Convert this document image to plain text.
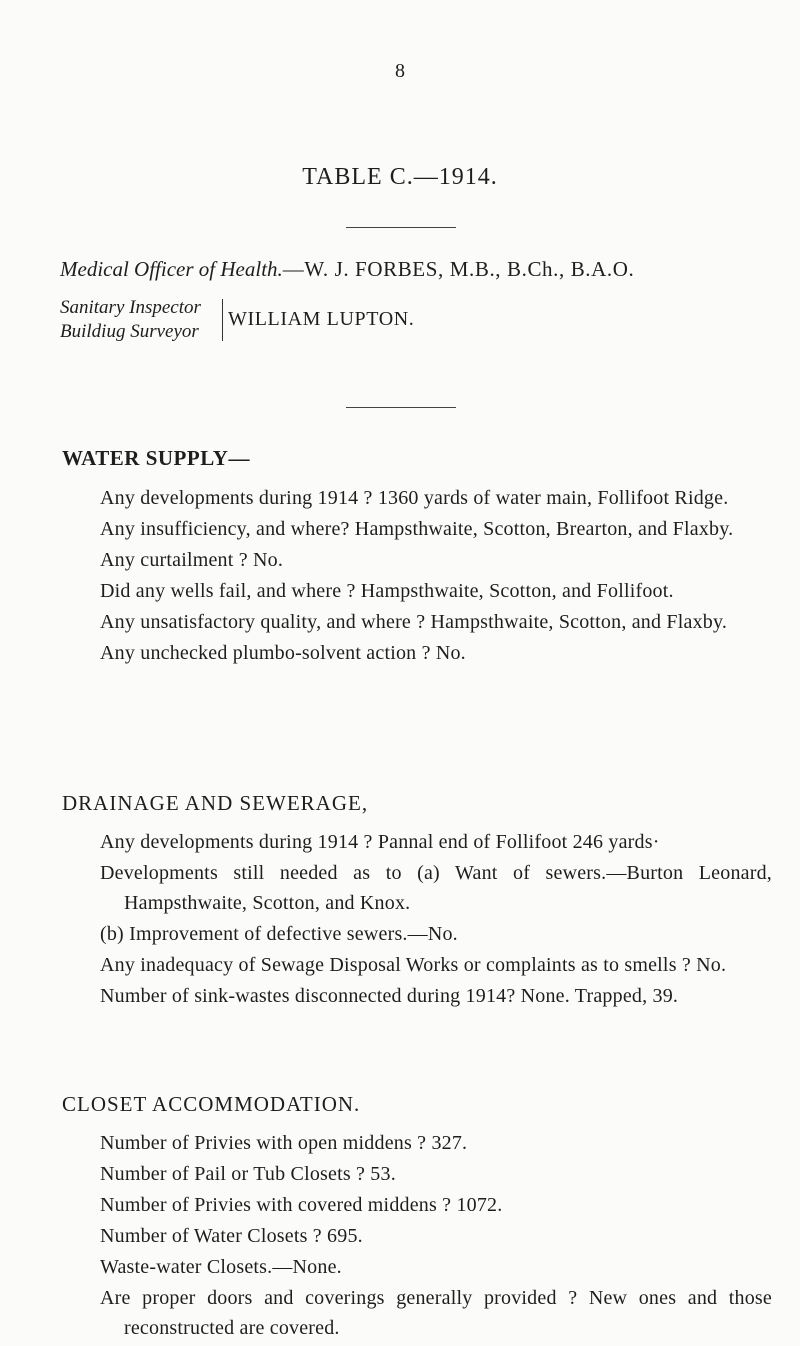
8
TABLE C.—1914.
Medical Officer of Health.—W. J. FORBES, M.B., B.Ch., B.A.O.
Sanitary Inspector
Buildiug Surveyor
WILLIAM LUPTON.
WATER SUPPLY—
Any developments during 1914 ? 1360 yards of water main, Follifoot Ridge.
Any insufficiency, and where? Hampsthwaite, Scotton, Brearton, and Flaxby.
Any curtailment ? No.
Did any wells fail, and where ? Hampsthwaite, Scotton, and Follifoot.
Any unsatisfactory quality, and where ? Hampsthwaite, Scotton, and Flaxby.
Any unchecked plumbo-solvent action ? No.
DRAINAGE AND SEWERAGE,
Any developments during 1914 ? Pannal end of Follifoot 246 yards·
Developments still needed as to (a) Want of sewers.—Burton Leonard, Hampsthwaite, Scotton, and Knox.
(b) Improvement of defective sewers.—No.
Any inadequacy of Sewage Disposal Works or complaints as to smells ? No.
Number of sink-wastes disconnected during 1914? None. Trapped, 39.
CLOSET ACCOMMODATION.
Number of Privies with open middens ? 327.
Number of Pail or Tub Closets ? 53.
Number of Privies with covered middens ? 1072.
Number of Water Closets ? 695.
Waste-water Closets.—None.
Are proper doors and coverings generally provided ? New ones and those reconstructed are covered.
